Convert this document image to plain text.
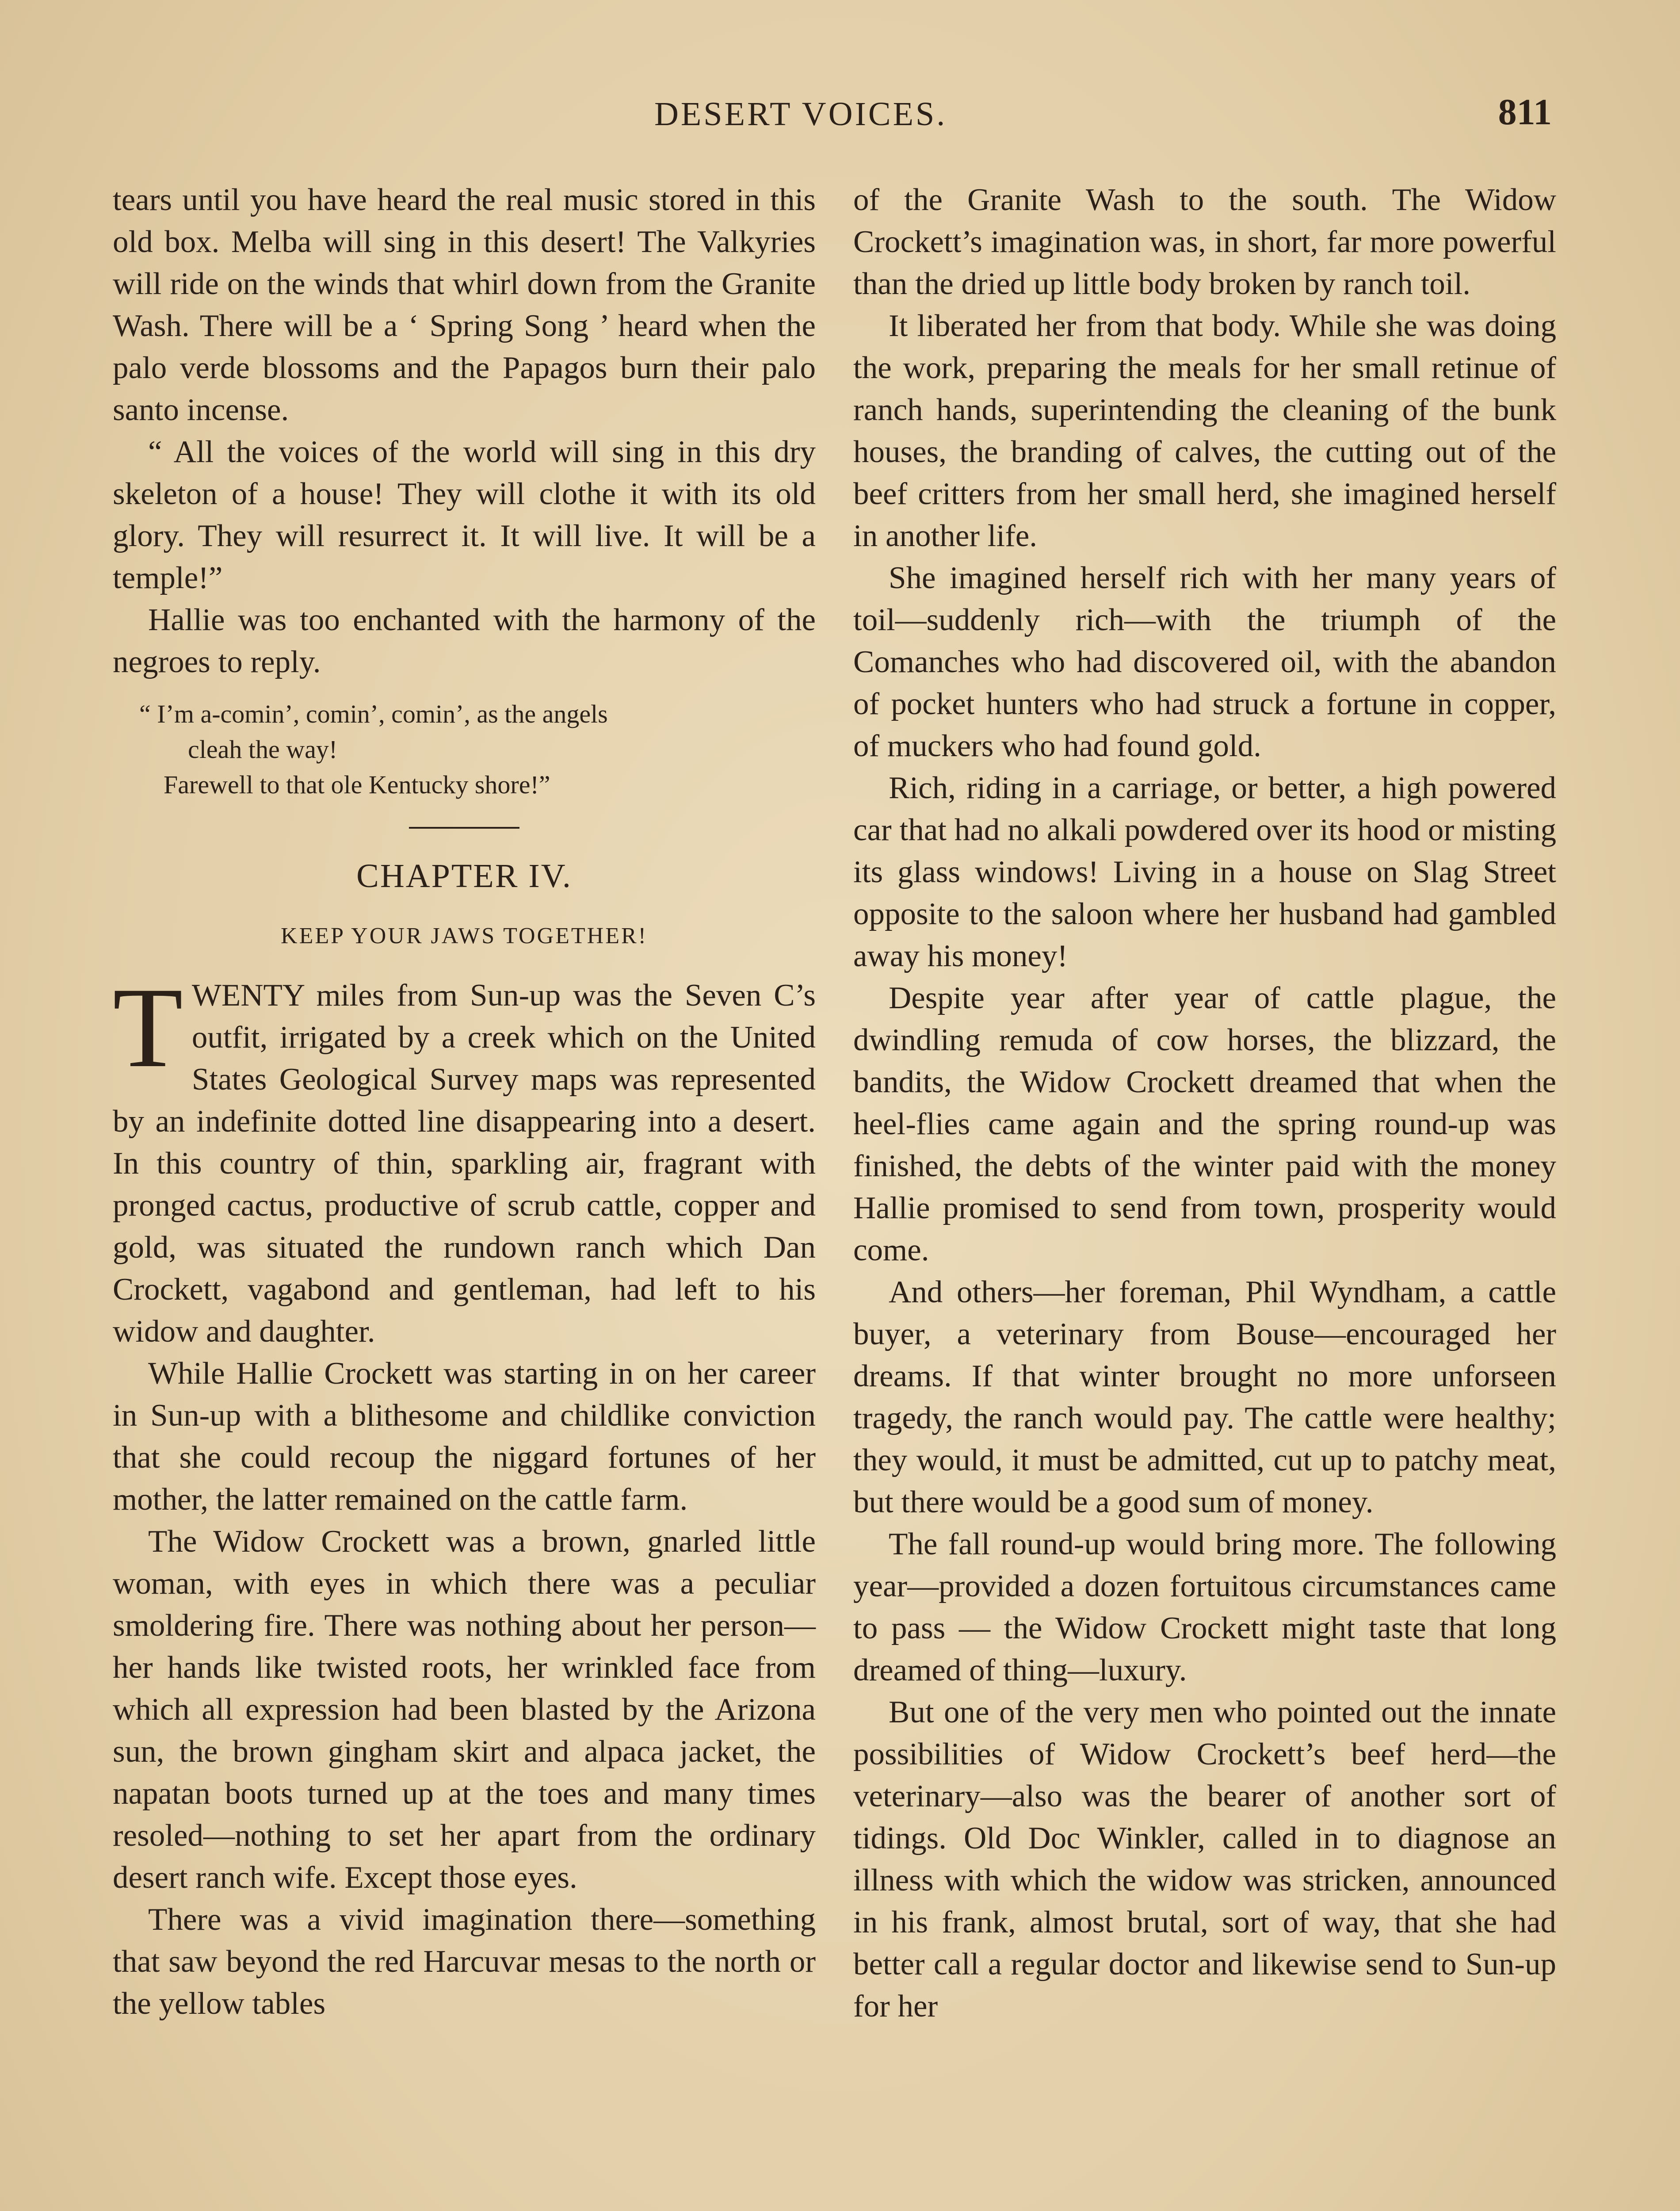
DESERT VOICES.	811

tears until you have heard the real music stored in this old box. Melba will sing in this desert! The Valkyries will ride on the winds that whirl down from the Granite Wash. There will be a ‘ Spring Song ’ heard when the palo verde blossoms and the Papagos burn their palo santo incense.

“ All the voices of the world will sing in this dry skeleton of a house! They will clothe it with its old glory. They will resurrect it. It will live. It will be a temple!”

Hallie was too enchanted with the harmony of the negroes to reply.

“ I’m a-comin’, comin’, comin’, as the angels
cleah the way!
Farewell to that ole Kentucky shore!”
CHAPTER IV.
KEEP YOUR JAWS TOGETHER!

TWENTY miles from Sun-up was the Seven C’s outfit, irrigated by a creek which on the United States Geological Survey maps was represented by an indefinite dotted line disappearing into a desert. In this country of thin, sparkling air, fragrant with pronged cactus, productive of scrub cattle, copper and gold, was situated the rundown ranch which Dan Crockett, vagabond and gentleman, had left to his widow and daughter.

While Hallie Crockett was starting in on her career in Sun-up with a blithesome and childlike conviction that she could recoup the niggard fortunes of her mother, the latter remained on the cattle farm.

The Widow Crockett was a brown, gnarled little woman, with eyes in which there was a peculiar smoldering fire. There was nothing about her person—her hands like twisted roots, her wrinkled face from which all expression had been blasted by the Arizona sun, the brown gingham skirt and alpaca jacket, the napatan boots turned up at the toes and many times resoled—nothing to set her apart from the ordinary desert ranch wife. Except those eyes.

There was a vivid imagination there—something that saw beyond the red Harcuvar mesas to the north or the yellow tables

of the Granite Wash to the south. The Widow Crockett’s imagination was, in short, far more powerful than the dried up little body broken by ranch toil.

It liberated her from that body. While she was doing the work, preparing the meals for her small retinue of ranch hands, superintending the cleaning of the bunk houses, the branding of calves, the cutting out of the beef critters from her small herd, she imagined herself in another life.

She imagined herself rich with her many years of toil—suddenly rich—with the triumph of the Comanches who had discovered oil, with the abandon of pocket hunters who had struck a fortune in copper, of muckers who had found gold.

Rich, riding in a carriage, or better, a high powered car that had no alkali powdered over its hood or misting its glass windows! Living in a house on Slag Street opposite to the saloon where her husband had gambled away his money!

Despite year after year of cattle plague, the dwindling remuda of cow horses, the blizzard, the bandits, the Widow Crockett dreamed that when the heel-flies came again and the spring round-up was finished, the debts of the winter paid with the money Hallie promised to send from town, prosperity would come.

And others—her foreman, Phil Wyndham, a cattle buyer, a veterinary from Bouse—encouraged her dreams. If that winter brought no more unforseen tragedy, the ranch would pay. The cattle were healthy; they would, it must be admitted, cut up to patchy meat, but there would be a good sum of money.

The fall round-up would bring more. The following year—provided a dozen fortuitous circumstances came to pass — the Widow Crockett might taste that long dreamed of thing—luxury.

But one of the very men who pointed out the innate possibilities of Widow Crockett’s beef herd—the veterinary—also was the bearer of another sort of tidings. Old Doc Winkler, called in to diagnose an illness with which the widow was stricken, announced in his frank, almost brutal, sort of way, that she had better call a regular doctor and likewise send to Sun-up for her
